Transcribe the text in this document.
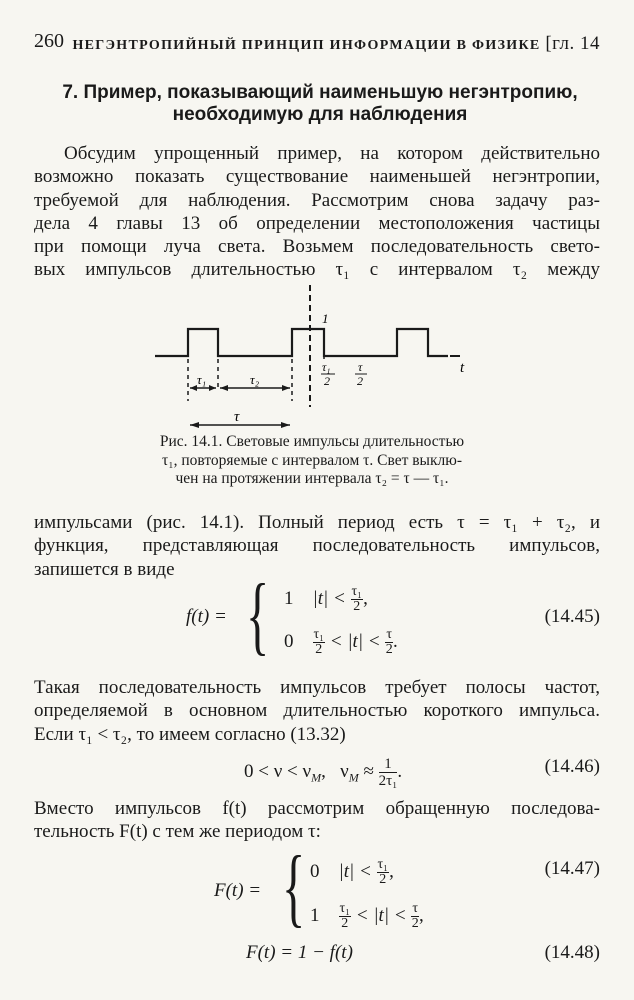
260 НЕГЭНТРОПИЙНЫЙ ПРИНЦИП ИНФОРМАЦИИ В ФИЗИКЕ [гл. 14
7. Пример, показывающий наименьшую негэнтропию,
необходимую для наблюдения
Обсудим упрощенный пример, на котором действительно
возможно показать существование наименьшей негэнтропии,
требуемой для наблюдения. Рассмотрим снова задачу раз-
дела 4 главы 13 об определении местоположения частицы
при помощи луча света. Возьмем последовательность свето-
вых импульсов длительностью τ₁ с интервалом τ₂ между
1
t
τ₁	τ₂
τ
τ₁
2
τ
2
Рис. 14.1. Световые импульсы длительностью
τ₁, повторяемые с интервалом τ. Свет выклю-
чен на протяжении интервала τ₂ = τ — τ₁.
импульсами (рис. 14.1). Полный период есть τ = τ₁ + τ₂, и
функция, представляющая последовательность импульсов,
запишется в виде
f(t) = { 1 $|t| < \frac{\text{τ₁}}{2}$ ,
$0 \frac{\text{τ₁}}{2} < |t| < \frac{\tau}{2}$ .
(14.45)
Такая последовательность импульсов требует полосы частот,
определяемой в основном длительностью короткого импульса.
Если τ₁ < τ₂, то имеем согласно (13.32)
$0 < \nu < \nu_M$,   $\nu_M \approx \frac{1}{\text{2τ₁}}$ .	(14.46)
Вместо импульсов f(t) рассмотрим обращенную последова-
тельность F(t) с тем же периодом τ:
F(t) = { 0 $|t| < \frac{\text{τ₁}}{2}$ ,
$1 \frac{\text{τ₁}}{2} < |t| < \frac{\tau}{2}$ ,
(14.47)
F(t) = 1 − f(t)	(14.48)
